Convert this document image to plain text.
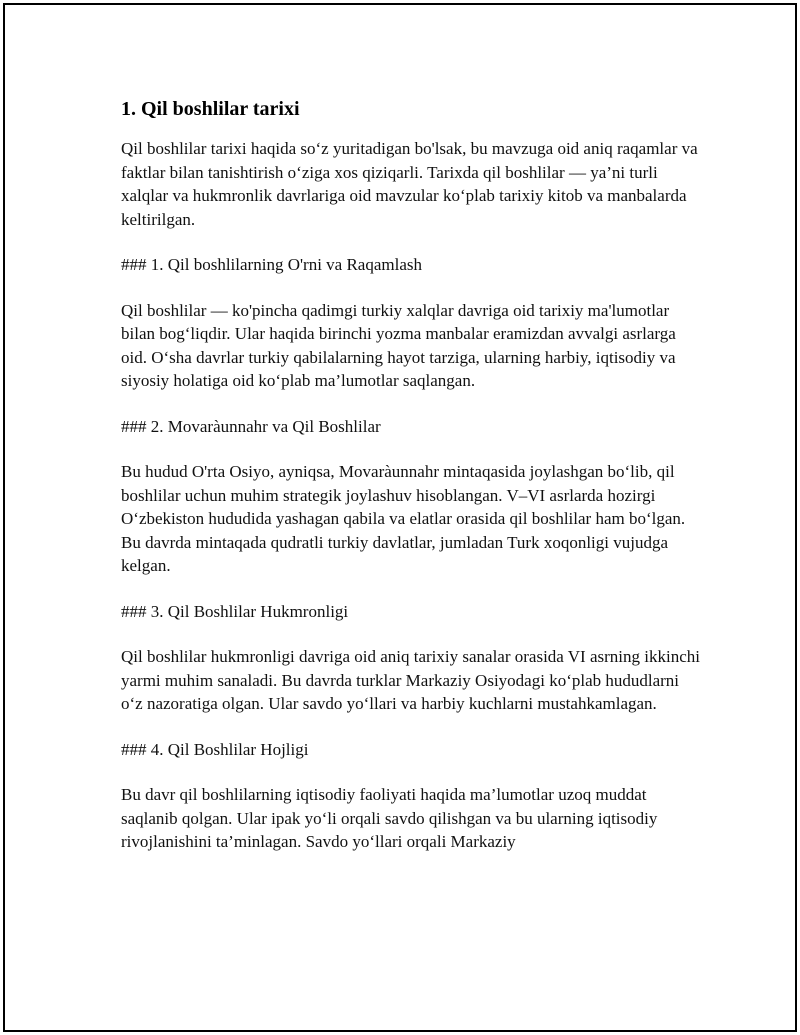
1. Qil boshlilar tarixi

Qil boshlilar tarixi haqida so‘z yuritadigan bo'lsak, bu mavzuga oid aniq raqamlar va faktlar bilan tanishtirish o‘ziga xos qiziqarli. Tarixda qil boshlilar — ya’ni turli xalqlar va hukmronlik davrlariga oid mavzular ko‘plab tarixiy kitob va manbalarda keltirilgan.

### 1. Qil boshlilarning O'rni va Raqamlash

Qil boshlilar — ko'pincha qadimgi turkiy xalqlar davriga oid tarixiy ma'lumotlar bilan bog‘liqdir. Ular haqida birinchi yozma manbalar eramizdan avvalgi asrlarga oid. O‘sha davrlar turkiy qabilalarning hayot tarziga, ularning harbiy, iqtisodiy va siyosiy holatiga oid ko‘plab ma’lumotlar saqlangan.

### 2. Movaràunnahr va Qil Boshlilar

Bu hudud O'rta Osiyo, ayniqsa, Movaràunnahr mintaqasida joylashgan bo‘lib, qil boshlilar uchun muhim strategik joylashuv hisoblangan. V–VI asrlarda hozirgi O‘zbekiston hududida yashagan qabila va elatlar orasida qil boshlilar ham bo‘lgan. Bu davrda mintaqada qudratli turkiy davlatlar, jumladan Turk xoqonligi vujudga kelgan.

### 3. Qil Boshlilar Hukmronligi

Qil boshlilar hukmronligi davriga oid aniq tarixiy sanalar orasida VI asrning ikkinchi yarmi muhim sanaladi. Bu davrda turklar Markaziy Osiyodagi ko‘plab hududlarni o‘z nazoratiga olgan. Ular savdo yo‘llari va harbiy kuchlarni mustahkamlagan.

### 4. Qil Boshlilar Hojligi

Bu davr qil boshlilarning iqtisodiy faoliyati haqida ma’lumotlar uzoq muddat saqlanib qolgan. Ular ipak yo‘li orqali savdo qilishgan va bu ularning iqtisodiy rivojlanishini ta’minlagan. Savdo yo‘llari orqali Markaziy
